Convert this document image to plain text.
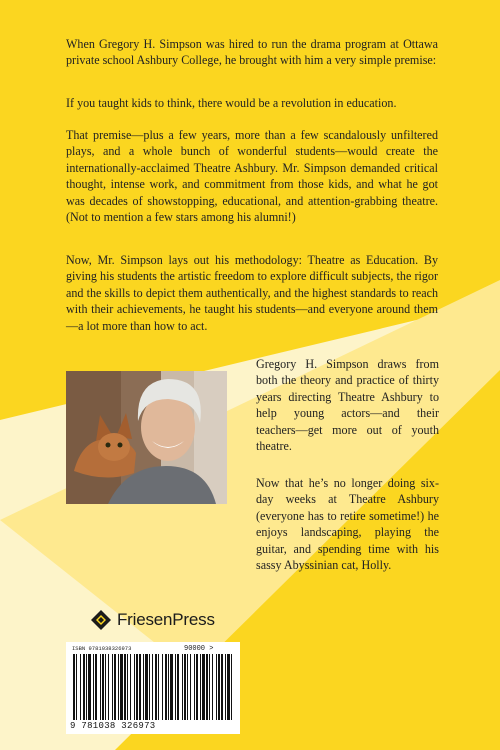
When Gregory H. Simpson was hired to run the drama program at Ottawa private school Ashbury College, he brought with him a very simple premise:

If you taught kids to think, there would be a revolution in education.

That premise—plus a few years, more than a few scandalously unfiltered plays, and a whole bunch of wonderful students—would create the internationally-acclaimed Theatre Ashbury. Mr. Simpson demanded critical thought, intense work, and commitment from those kids, and what he got was decades of showstopping, educational, and attention-grabbing theatre. (Not to mention a few stars among his alumni!)

Now, Mr. Simpson lays out his methodology: Theatre as Education. By giving his students the artistic freedom to explore difficult subjects, the rigor and the skills to depict them authentically, and the highest standards to reach with their achievements, he taught his students—and everyone around them—a lot more than how to act.

Gregory H. Simpson draws from both the theory and practice of thirty years directing Theatre Ashbury to help young actors—and their teachers—get more out of youth theatre.

Now that he’s no longer doing six-day weeks at Theatre Ashbury (everyone has to retire sometime!) he enjoys landscaping, playing the guitar, and spending time with his sassy Abyssinian cat, Holly.

FriesenPress
ISBN 9781038326973	90000 >
9 781038 326973
